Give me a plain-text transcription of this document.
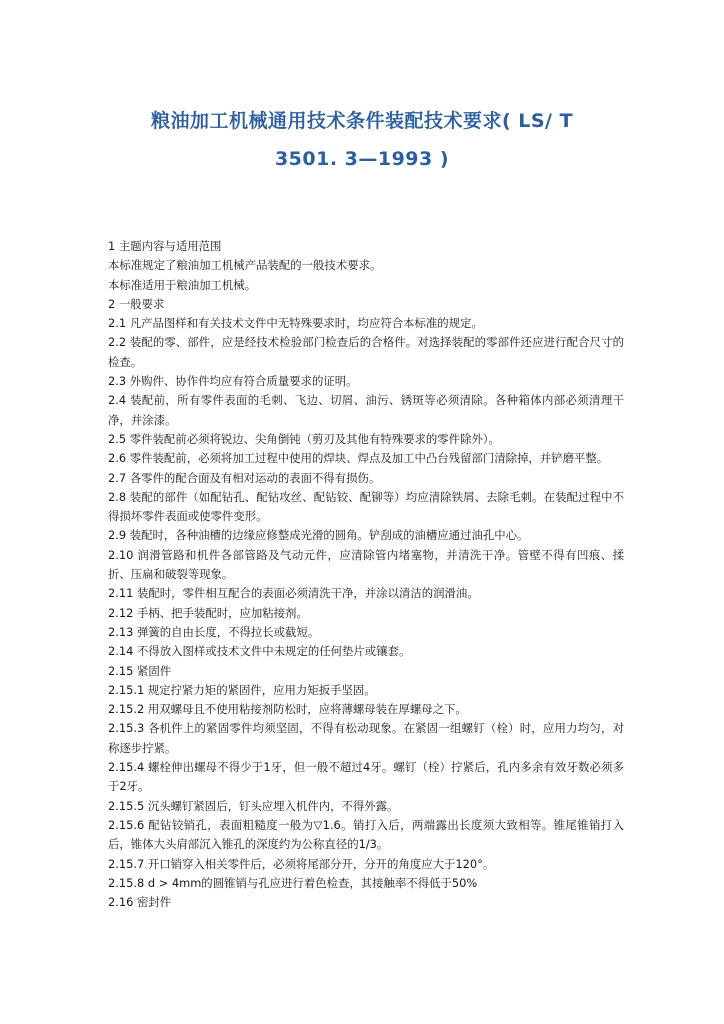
粮油加工机械通用技术条件装配技术要求( LS/ T
3501. 3—1993 )

1 主题内容与适用范围

本标准规定了粮油加工机械产品装配的一般技术要求。

本标准适用于粮油加工机械。

2 一般要求

2.1 凡产品图样和有关技术文件中无特殊要求时，均应符合本标准的规定。

2.2 装配的零、部件，应是经技术检验部门检查后的合格件。对选择装配的零部件还应进行配合尺寸的检查。

2.3 外购件、协作件均应有符合质量要求的证明。

2.4 装配前，所有零件表面的毛刺、飞边、切屑、油污、锈斑等必须清除。各种箱体内部必须清理干净，并涂漆。

2.5 零件装配前必须将锐边、尖角倒钝（剪刃及其他有特殊要求的零件除外）。

2.6 零件装配前，必须将加工过程中使用的焊块、焊点及加工中凸台残留部门清除掉，并铲磨平整。

2.7 各零件的配合面及有相对运动的表面不得有损伤。

2.8 装配的部件（如配钻孔、配钻攻丝、配钻铰、配铆等）均应清除铁屑、去除毛刺。在装配过程中不得损坏零件表面或使零件变形。

2.9 装配时，各种油槽的边缘应修整成光滑的圆角。铲刮成的油槽应通过油孔中心。

2.10 润滑管路和机件各部管路及气动元件，应清除管内堵塞物，并清洗干净。管壁不得有凹痕、揉折、压扁和破裂等现象。

2.11 装配时，零件相互配合的表面必须清洗干净，并涂以清洁的润滑油。

2.12 手柄、把手装配时，应加粘接剂。

2.13 弹簧的自由长度，不得拉长或截短。

2.14 不得放入图样或技术文件中未规定的任何垫片或镶套。

2.15 紧固件

2.15.1 规定拧紧力矩的紧固件，应用力矩扳手坚固。

2.15.2 用双螺母且不使用粘接剂防松时，应将薄螺母装在厚螺母之下。

2.15.3 各机件上的紧固零件均须坚固，不得有松动现象。在紧固一组螺钉（栓）时，应用力均匀，对称逐步拧紧。

2.15.4 螺栓伸出螺母不得少于1牙，但一般不超过4牙。螺钉（栓）拧紧后，孔内多余有效牙数必须多于2牙。

2.15.5 沉头螺钉紧固后，钉头应埋入机件内，不得外露。

2.15.6 配钻铰销孔，表面粗糙度一般为▽1.6。销打入后，两端露出长度须大致相等。锥尾锥销打入后，锥体大头肩部沉入锥孔的深度约为公称直径的1/3。

2.15.7 开口销穿入相关零件后，必须将尾部分开，分开的角度应大于120°。

2.15.8 d > 4mm的圆锥销与孔应进行着色检查，其接触率不得低于50%

2.16 密封件
